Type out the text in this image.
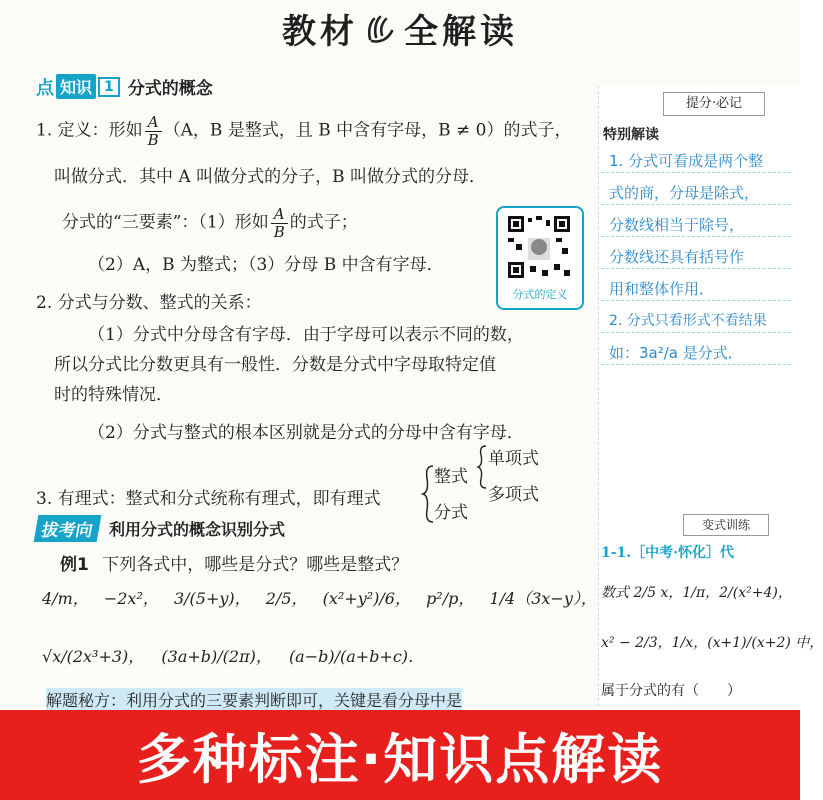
教材 全解读
点 知识 1 分式的概念
1. 定义：形如 $\frac{A}{B} (A$，B 是整式，且 B 中含有字母，B ≠ 0）的式子，
叫做分式．其中 A 叫做分式的分子，B 叫做分式的分母．
分式的“三要素”：（1）形如 $\frac{A}{B}$ 的式子；
（2）A，B 为整式；（3）分母 B 中含有字母．
分式的定义
2. 分式与分数、整式的关系：
（1）分式中分母含有字母．由于字母可以表示不同的数，
所以分式比分数更具有一般性．分数是分式中字母取特定值
时的特殊情况．
（2）分式与整式的根本区别就是分式的分母中含有字母．
3. 有理式：整式和分式统称有理式，即有理式
整式
分式
单项式
多项式
拔考向 利用分式的概念识别分式
例1 下列各式中，哪些是分式？哪些是整式？
4/m， −2x²， 3/(5+y)， 2/5， (x²+y²)/6， p²/p， 1/4（3x−y），
√x/(2x³+3)， (3a+b)/(2π)， (a−b)/(a+b+c)．
解题秘方：利用分式的三要素判断即可，关键是看分母中是
提分·必记
特别解读
1. 分式可看成是两个整
式的商，分母是除式，
分数线相当于除号，
分数线还具有括号作
用和整体作用．
2. 分式只看形式不看结果
如：3a²/a 是分式．
变式训练
1-1.［中考·怀化］代
数式 2/5 x，1/π，2/(x²+4)，
x² − 2/3，1/x，(x+1)/(x+2) 中，
属于分式的有（　　）
多种标注·知识点解读
